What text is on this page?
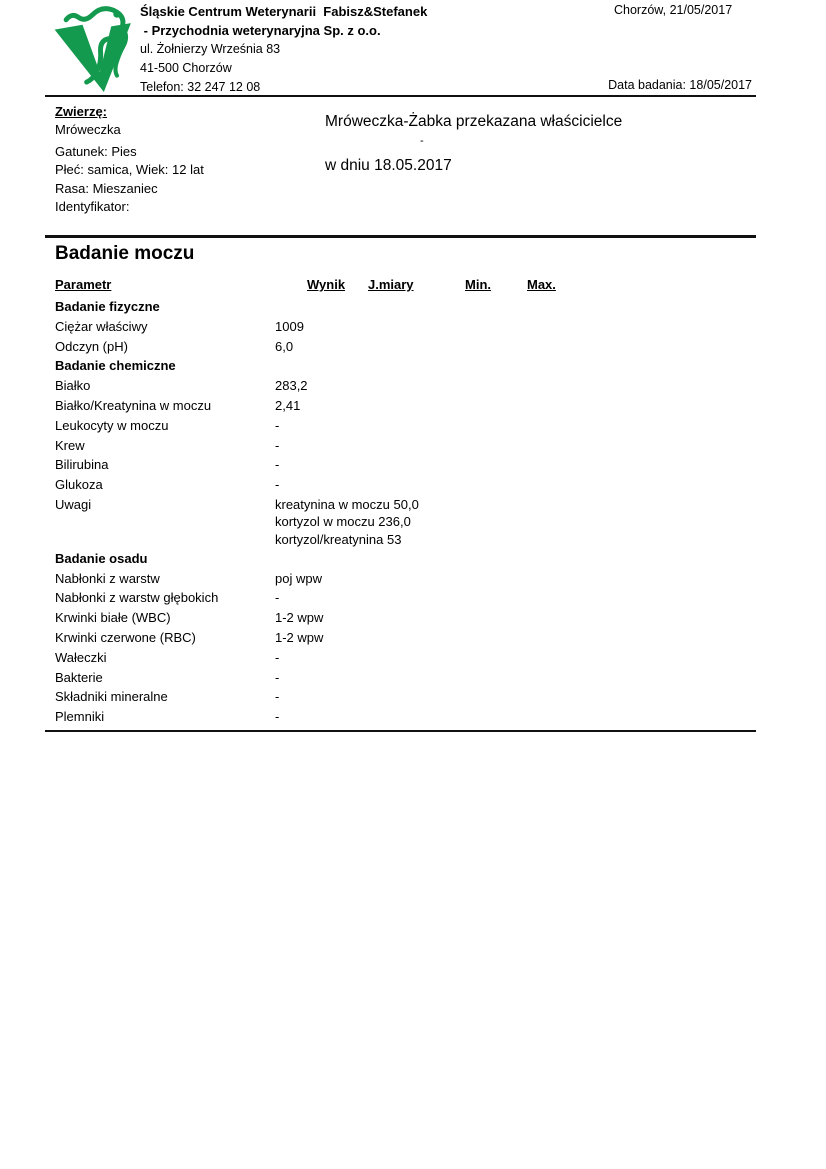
Śląskie Centrum Weterynarii  Fabisz&Stefanek
- Przychodnia weterynaryjna Sp. z o.o.
ul. Żołnierzy Września 83
41-500 Chorzów
Telefon: 32 247 12 08
Chorzów, 21/05/2017
Data badania: 18/05/2017
Zwierzę:
Mróweczka
Gatunek: Pies
Płeć: samica, Wiek: 12 lat
Rasa: Mieszaniec
Identyfikator:
Mróweczka-Żabka przekazana właścicielce
-
w dniu 18.05.2017
Badanie moczu
Parametr	Wynik	J.miary	Min.	Max.
Badanie fizyczne
Ciężar właściwy	1009
Odczyn (pH)	6,0
Badanie chemiczne
Białko	283,2
Białko/Kreatynina w moczu	2,41
Leukocyty w moczu	-
Krew	-
Bilirubina	-
Glukoza	-
Uwagi	kreatynina w moczu 50,0
kortyzol w moczu 236,0
kortyzol/kreatynina 53
Badanie osadu
Nabłonki z warstw	poj wpw
Nabłonki z warstw głębokich	-
Krwinki białe (WBC)	1-2 wpw
Krwinki czerwone (RBC)	1-2 wpw
Wałeczki	-
Bakterie	-
Składniki mineralne	-
Plemniki	-
